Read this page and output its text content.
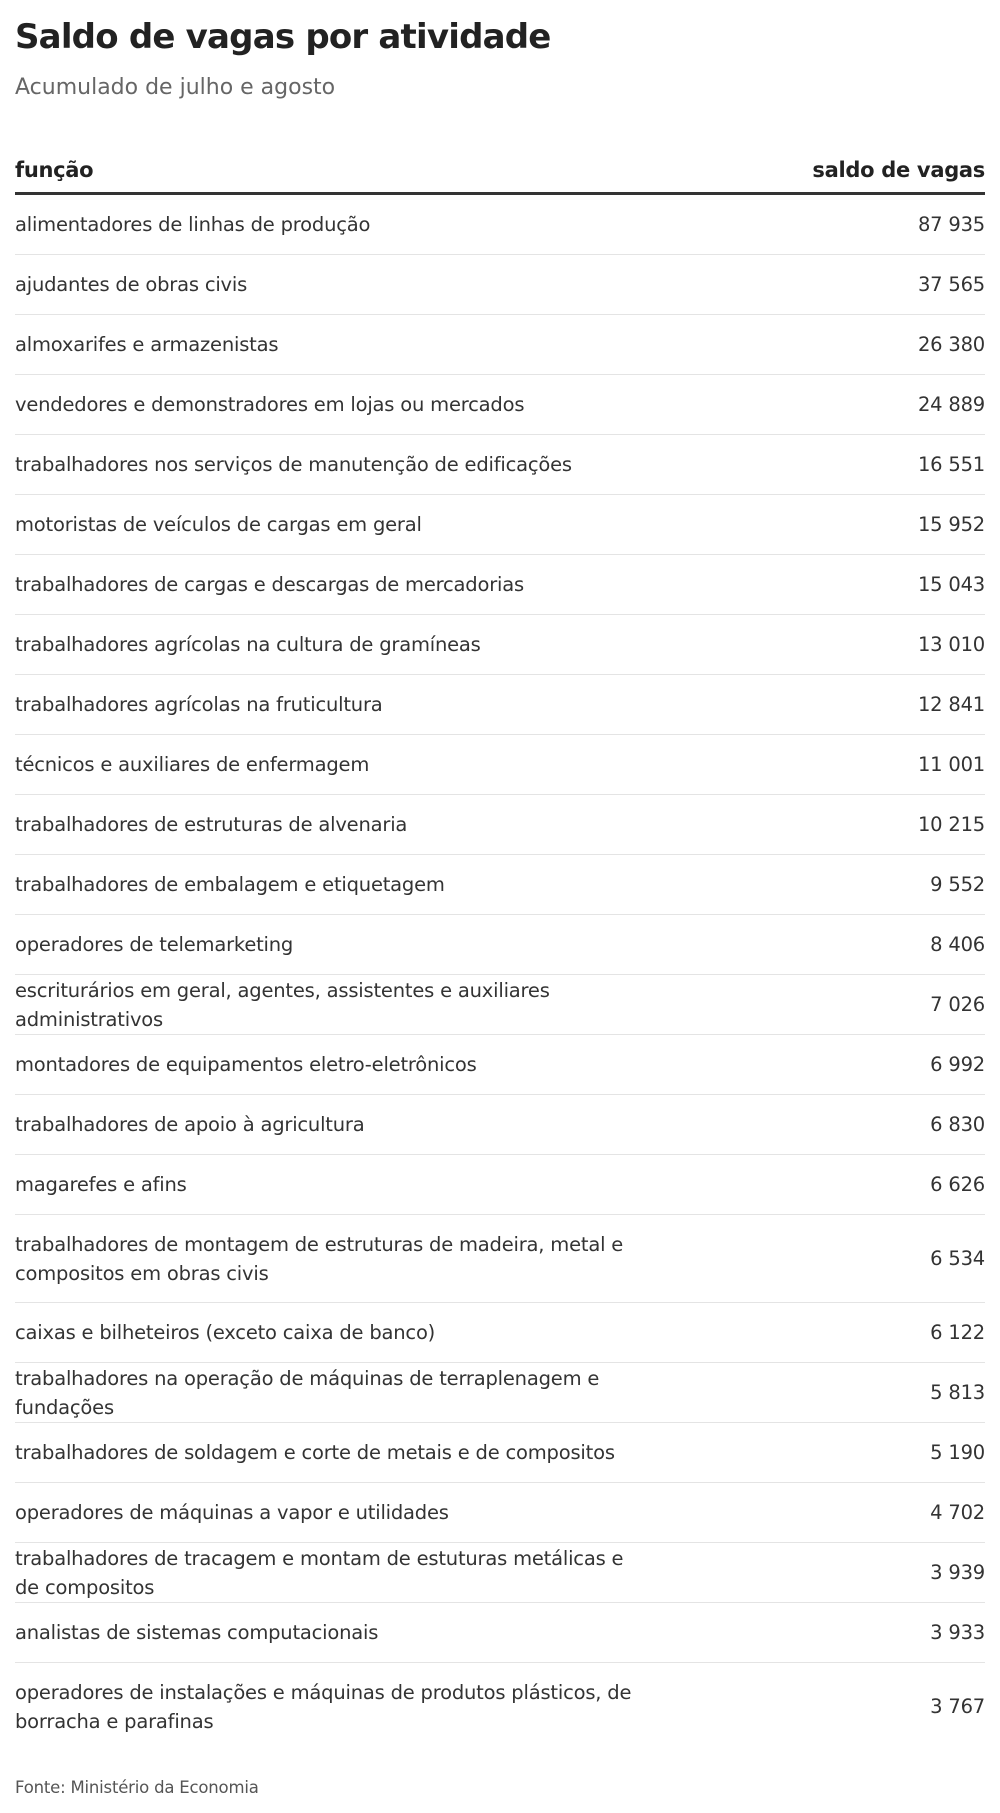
Saldo de vagas por atividade

Acumulado de julho e agosto

função	saldo de vagas
alimentadores de linhas de produção	87 935
ajudantes de obras civis	37 565
almoxarifes e armazenistas	26 380
vendedores e demonstradores em lojas ou mercados	24 889
trabalhadores nos serviços de manutenção de edificações	16 551
motoristas de veículos de cargas em geral	15 952
trabalhadores de cargas e descargas de mercadorias	15 043
trabalhadores agrícolas na cultura de gramíneas	13 010
trabalhadores agrícolas na fruticultura	12 841
técnicos e auxiliares de enfermagem	11 001
trabalhadores de estruturas de alvenaria	10 215
trabalhadores de embalagem e etiquetagem	9 552
operadores de telemarketing	8 406
escriturários em geral, agentes, assistentes e auxiliares administrativos	7 026
montadores de equipamentos eletro-eletrônicos	6 992
trabalhadores de apoio à agricultura	6 830
magarefes e afins	6 626
trabalhadores de montagem de estruturas de madeira, metal e compositos em obras civis	6 534
caixas e bilheteiros (exceto caixa de banco)	6 122
trabalhadores na operação de máquinas de terraplenagem e fundações	5 813
trabalhadores de soldagem e corte de metais e de compositos	5 190
operadores de máquinas a vapor e utilidades	4 702
trabalhadores de tracagem e montam de estuturas metálicas e de compositos	3 939
analistas de sistemas computacionais	3 933
operadores de instalações e máquinas de produtos plásticos, de borracha e parafinas	3 767

Fonte: Ministério da Economia
